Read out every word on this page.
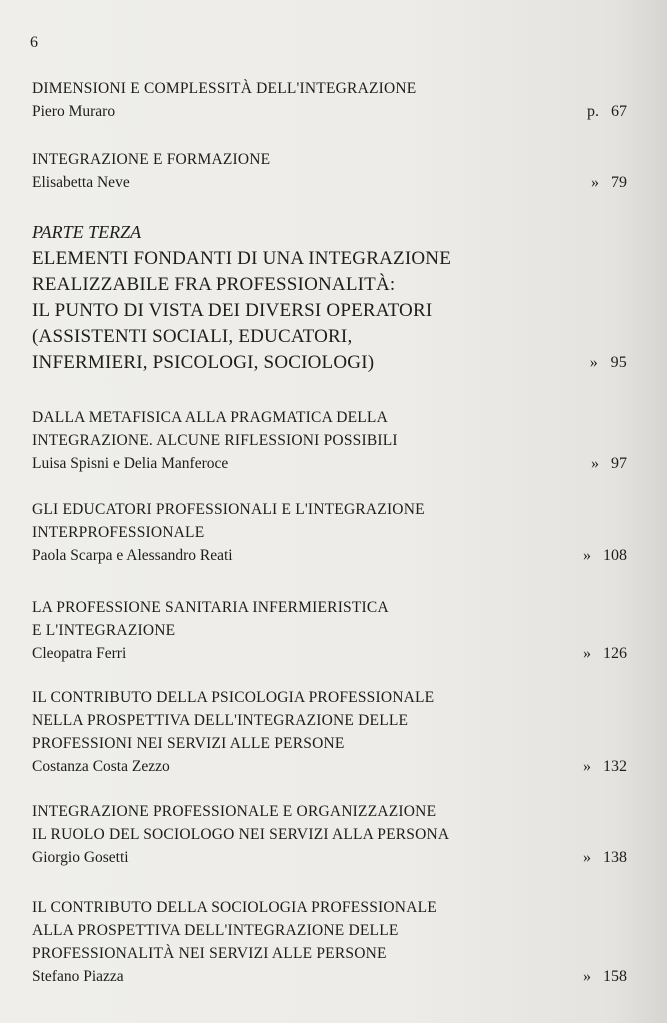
6
DIMENSIONI E COMPLESSITÀ DELL'INTEGRAZIONE
Piero Muraro	p.   67
INTEGRAZIONE E FORMAZIONE
Elisabetta Neve	»   79
PARTE TERZA
ELEMENTI FONDANTI DI UNA INTEGRAZIONE
REALIZZABILE FRA PROFESSIONALITÀ:
IL PUNTO DI VISTA DEI DIVERSI OPERATORI
(ASSISTENTI SOCIALI, EDUCATORI,
INFERMIERI, PSICOLOGI, SOCIOLOGI)	»   95
DALLA METAFISICA ALLA PRAGMATICA DELLA
INTEGRAZIONE. ALCUNE RIFLESSIONI POSSIBILI
Luisa Spisni e Delia Manferoce	»   97
GLI EDUCATORI PROFESSIONALI E L'INTEGRAZIONE
INTERPROFESSIONALE
Paola Scarpa e Alessandro Reati	»   108
LA PROFESSIONE SANITARIA INFERMIERISTICA
E L'INTEGRAZIONE
Cleopatra Ferri	»   126
IL CONTRIBUTO DELLA PSICOLOGIA PROFESSIONALE
NELLA PROSPETTIVA DELL'INTEGRAZIONE DELLE
PROFESSIONI NEI SERVIZI ALLE PERSONE
Costanza Costa Zezzo	»   132
INTEGRAZIONE PROFESSIONALE E ORGANIZZAZIONE
IL RUOLO DEL SOCIOLOGO NEI SERVIZI ALLA PERSONA
Giorgio Gosetti	»   138
IL CONTRIBUTO DELLA SOCIOLOGIA PROFESSIONALE
ALLA PROSPETTIVA DELL'INTEGRAZIONE DELLE
PROFESSIONALITÀ NEI SERVIZI ALLE PERSONE
Stefano Piazza	»   158
